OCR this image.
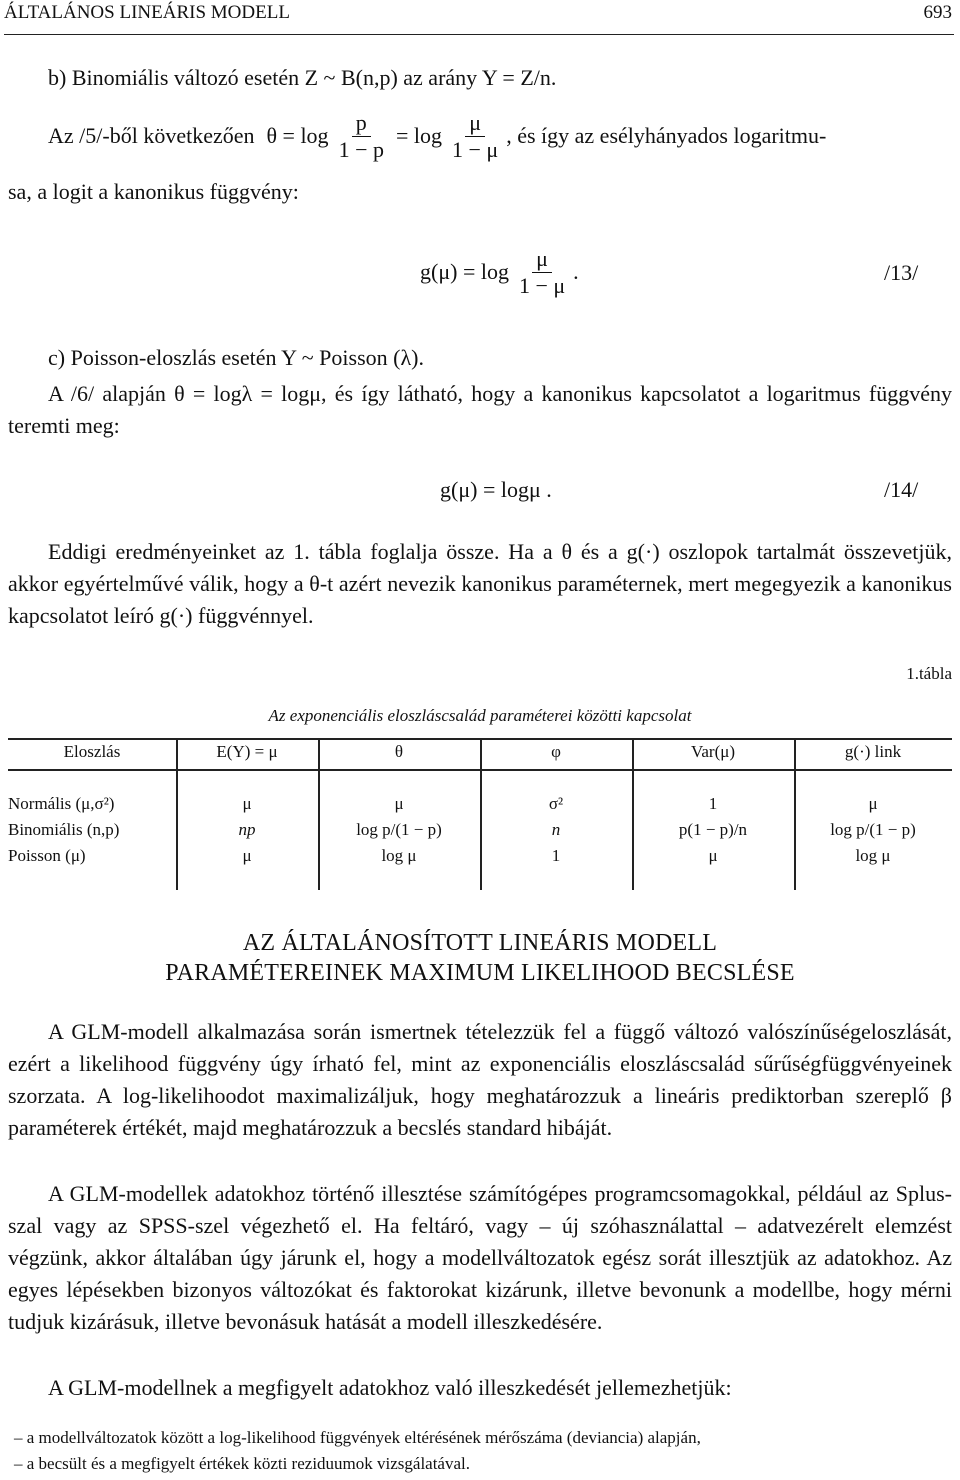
ÁLTALÁNOS LINEÁRIS MODELL	693
b) Binomiális változó esetén Z ~ B(n,p) az arány Y = Z/n.
Az /5/-ből következően $\theta = \log \frac{p}{1 - p} = \log \frac{\mu}{1 - \mu}$ , és így az esélyhányados logaritmu-
sa, a logit a kanonikus függvény:
$g(\mu) = \log \frac{\mu}{1 - \mu}$ .	/13/
c) Poisson-eloszlás esetén Y ~ Poisson (λ).
A /6/ alapján θ = logλ = logμ, és így látható, hogy a kanonikus kapcsolatot a logaritmus függvény teremti meg:
g(μ) = logμ .	/14/
Eddigi eredményeinket az 1. tábla foglalja össze. Ha a θ és a g(·) oszlopok tartalmát összevetjük, akkor egyértelművé válik, hogy a θ-t azért nevezik kanonikus paraméternek, mert megegyezik a kanonikus kapcsolatot leíró g(·) függvénnyel.
1.tábla
Az exponenciális eloszláscsalád paraméterei közötti kapcsolat
Eloszlás	E(Y) = μ	θ	φ	Var(μ)	g(·) link
Normális (μ,σ²)	μ	μ	σ²	1	μ
Binomiális (n,p)	np	log p/(1 − p)	n	p(1 − p)/n	log p/(1 − p)
Poisson (μ)	μ	log μ	1	μ	log μ
AZ ÁLTALÁNOSÍTOTT LINEÁRIS MODELL
PARAMÉTEREINEK MAXIMUM LIKELIHOOD BECSLÉSE
A GLM-modell alkalmazása során ismertnek tételezzük fel a függő változó valószínűségeloszlását, ezért a likelihood függvény úgy írható fel, mint az exponenciális eloszláscsalád sűrűségfüggvényeinek szorzata. A log-likelihoodot maximalizáljuk, hogy meghatározzuk a lineáris prediktorban szereplő β paraméterek értékét, majd meghatározzuk a becslés standard hibáját.
A GLM-modellek adatokhoz történő illesztése számítógépes programcsomagokkal, például az Splus-szal vagy az SPSS-szel végezhető el. Ha feltáró, vagy – új szóhasználattal – adatvezérelt elemzést végzünk, akkor általában úgy járunk el, hogy a modellváltozatok egész sorát illesztjük az adatokhoz. Az egyes lépésekben bizonyos változókat és faktorokat kizárunk, illetve bevonunk a modellbe, hogy mérni tudjuk kizárásuk, illetve bevonásuk hatását a modell illeszkedésére.
A GLM-modellnek a megfigyelt adatokhoz való illeszkedését jellemezhetjük:
– a modellváltozatok között a log-likelihood függvények eltérésének mérőszáma (deviancia) alapján,
– a becsült és a megfigyelt értékek közti reziduumok vizsgálatával.
